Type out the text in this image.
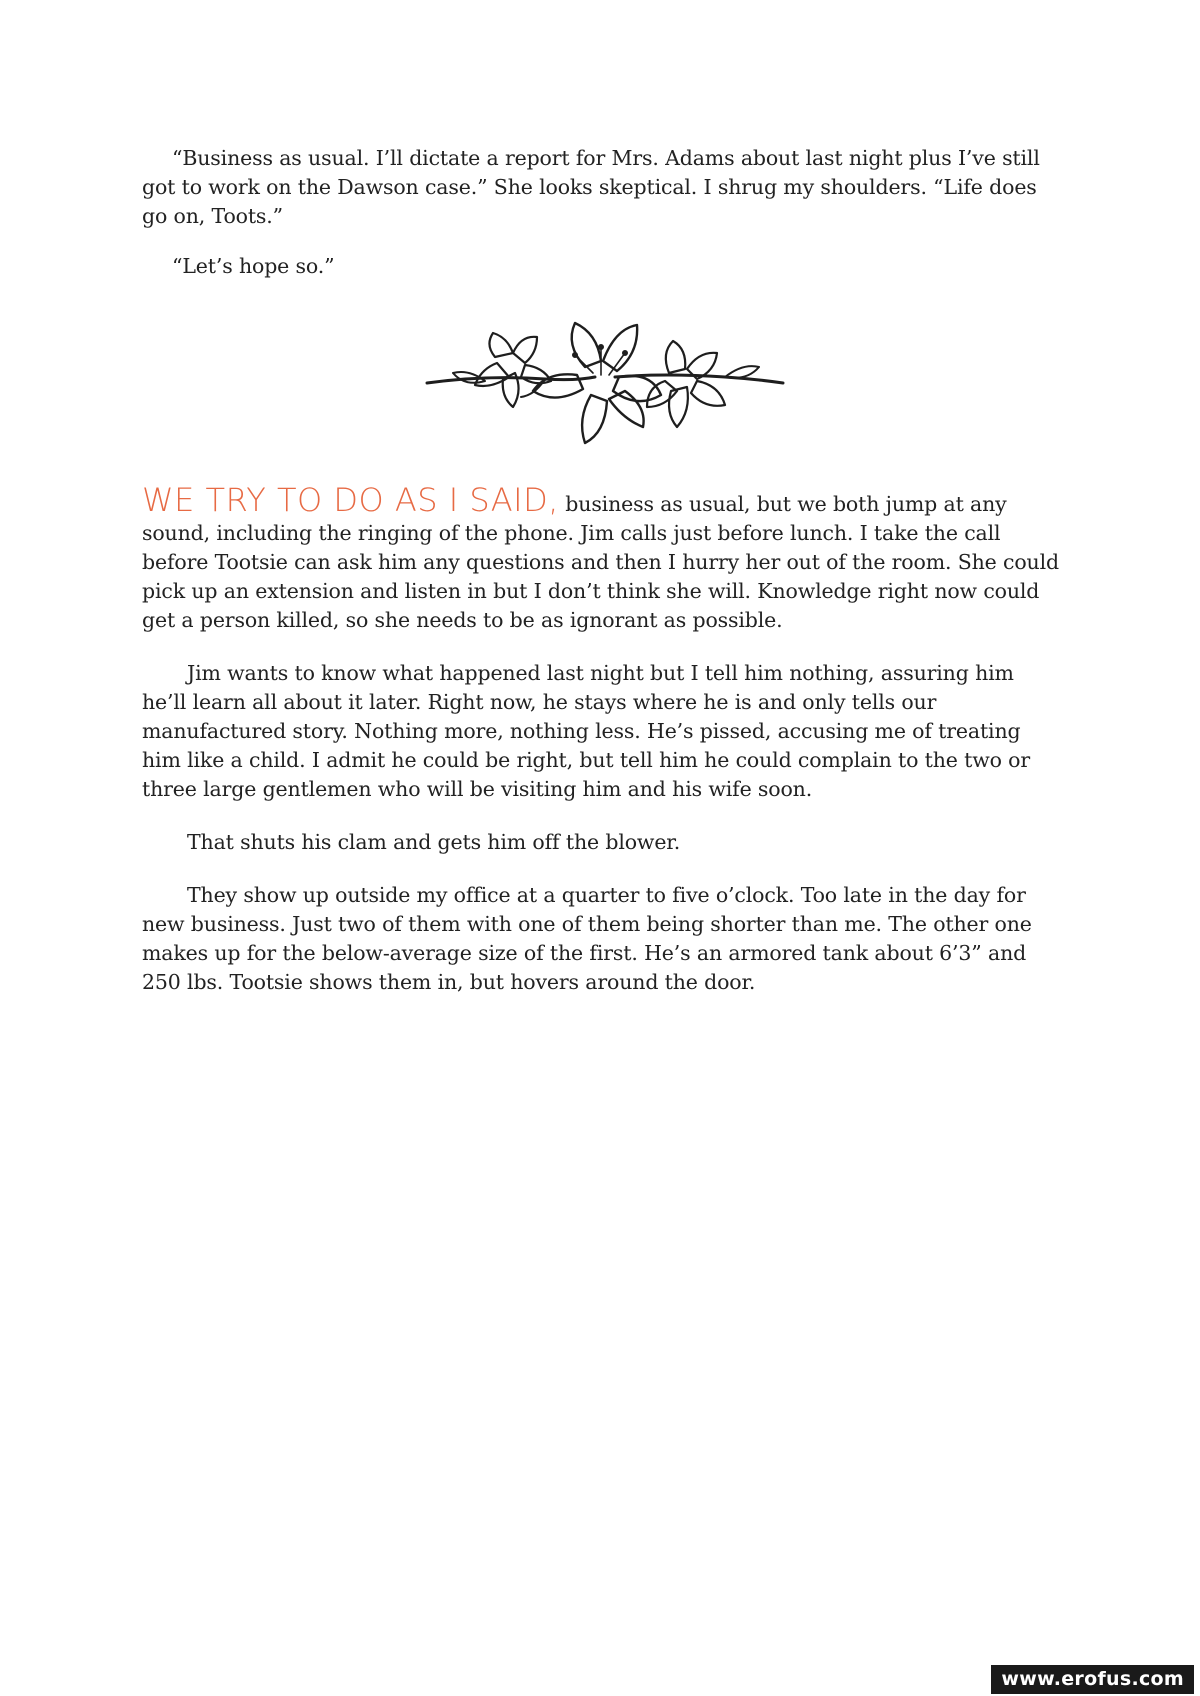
“Business as usual. I’ll dictate a report for Mrs. Adams about last night plus I’ve still got to work on the Dawson case.” She looks skeptical. I shrug my shoulders. “Life does go on, Toots.”

“Let’s hope so.”

WE TRY TO DO AS I SAID, business as usual, but we both jump at any sound, including the ringing of the phone. Jim calls just before lunch. I take the call before Tootsie can ask him any questions and then I hurry her out of the room. She could pick up an extension and listen in but I don’t think she will. Knowledge right now could get a person killed, so she needs to be as ignorant as possible.

Jim wants to know what happened last night but I tell him nothing, assuring him he’ll learn all about it later. Right now, he stays where he is and only tells our manufactured story. Nothing more, nothing less. He’s pissed, accusing me of treating him like a child. I admit he could be right, but tell him he could complain to the two or three large gentlemen who will be visiting him and his wife soon.

That shuts his clam and gets him off the blower.

They show up outside my office at a quarter to five o’clock. Too late in the day for new business. Just two of them with one of them being shorter than me. The other one makes up for the below-average size of the first. He’s an armored tank about 6’3” and 250 lbs. Tootsie shows them in, but hovers around the door.

www.erofus.com
